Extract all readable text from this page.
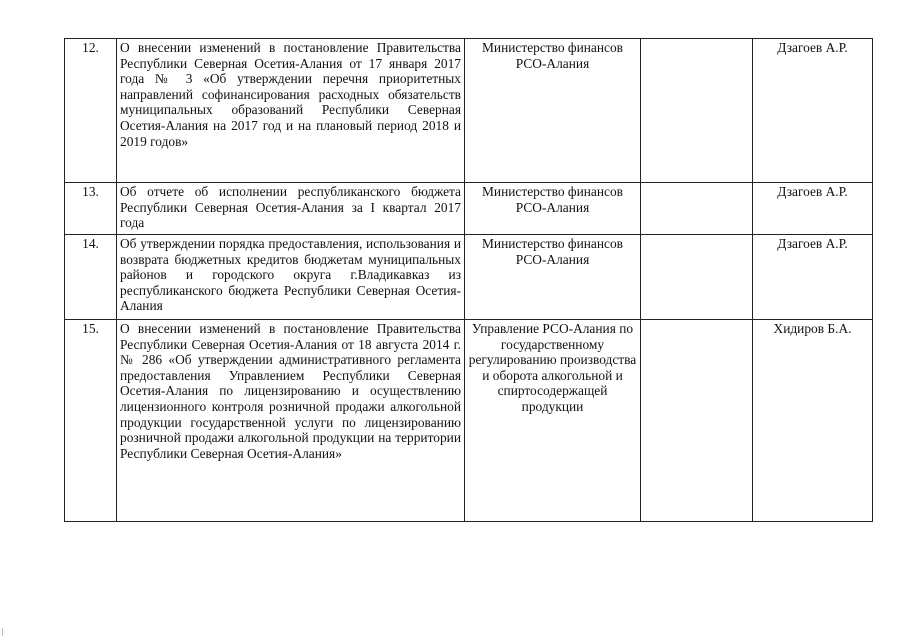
12.	О внесении изменений в постановление Правительства Республики Северная Осетия-Алания от 17 января 2017 года № 3 «Об утверждении перечня приоритетных направлений софинансирования расходных обязательств муниципальных образований Республики Северная Осетия-Алания на 2017 год и на плановый период 2018 и 2019 годов»	Министерство финансов РСО-Алания		Дзагоев А.Р.
13.	Об отчете об исполнении республиканского бюджета Республики Северная Осетия-Алания за I квартал 2017 года	Министерство финансов РСО-Алания		Дзагоев А.Р.
14.	Об утверждении порядка предоставления, использования и возврата бюджетных кредитов бюджетам муниципальных районов и городского округа г.Владикавказ из республиканского бюджета Республики Северная Осетия-Алания	Министерство финансов РСО-Алания		Дзагоев А.Р.
15.	О внесении изменений в постановление Правительства Республики Северная Осетия-Алания от 18 августа 2014 г. № 286 «Об утверждении административного регламента предоставления Управлением Республики Северная Осетия-Алания по лицензированию и осуществлению лицензионного контроля розничной продажи алкогольной продукции государственной услуги по лицензированию розничной продажи алкогольной продукции на территории Республики Северная Осетия-Алания»	Управление РСО-Алания по государственному регулированию производства и оборота алкогольной и спиртосодержащей продукции		Хидиров Б.А.
